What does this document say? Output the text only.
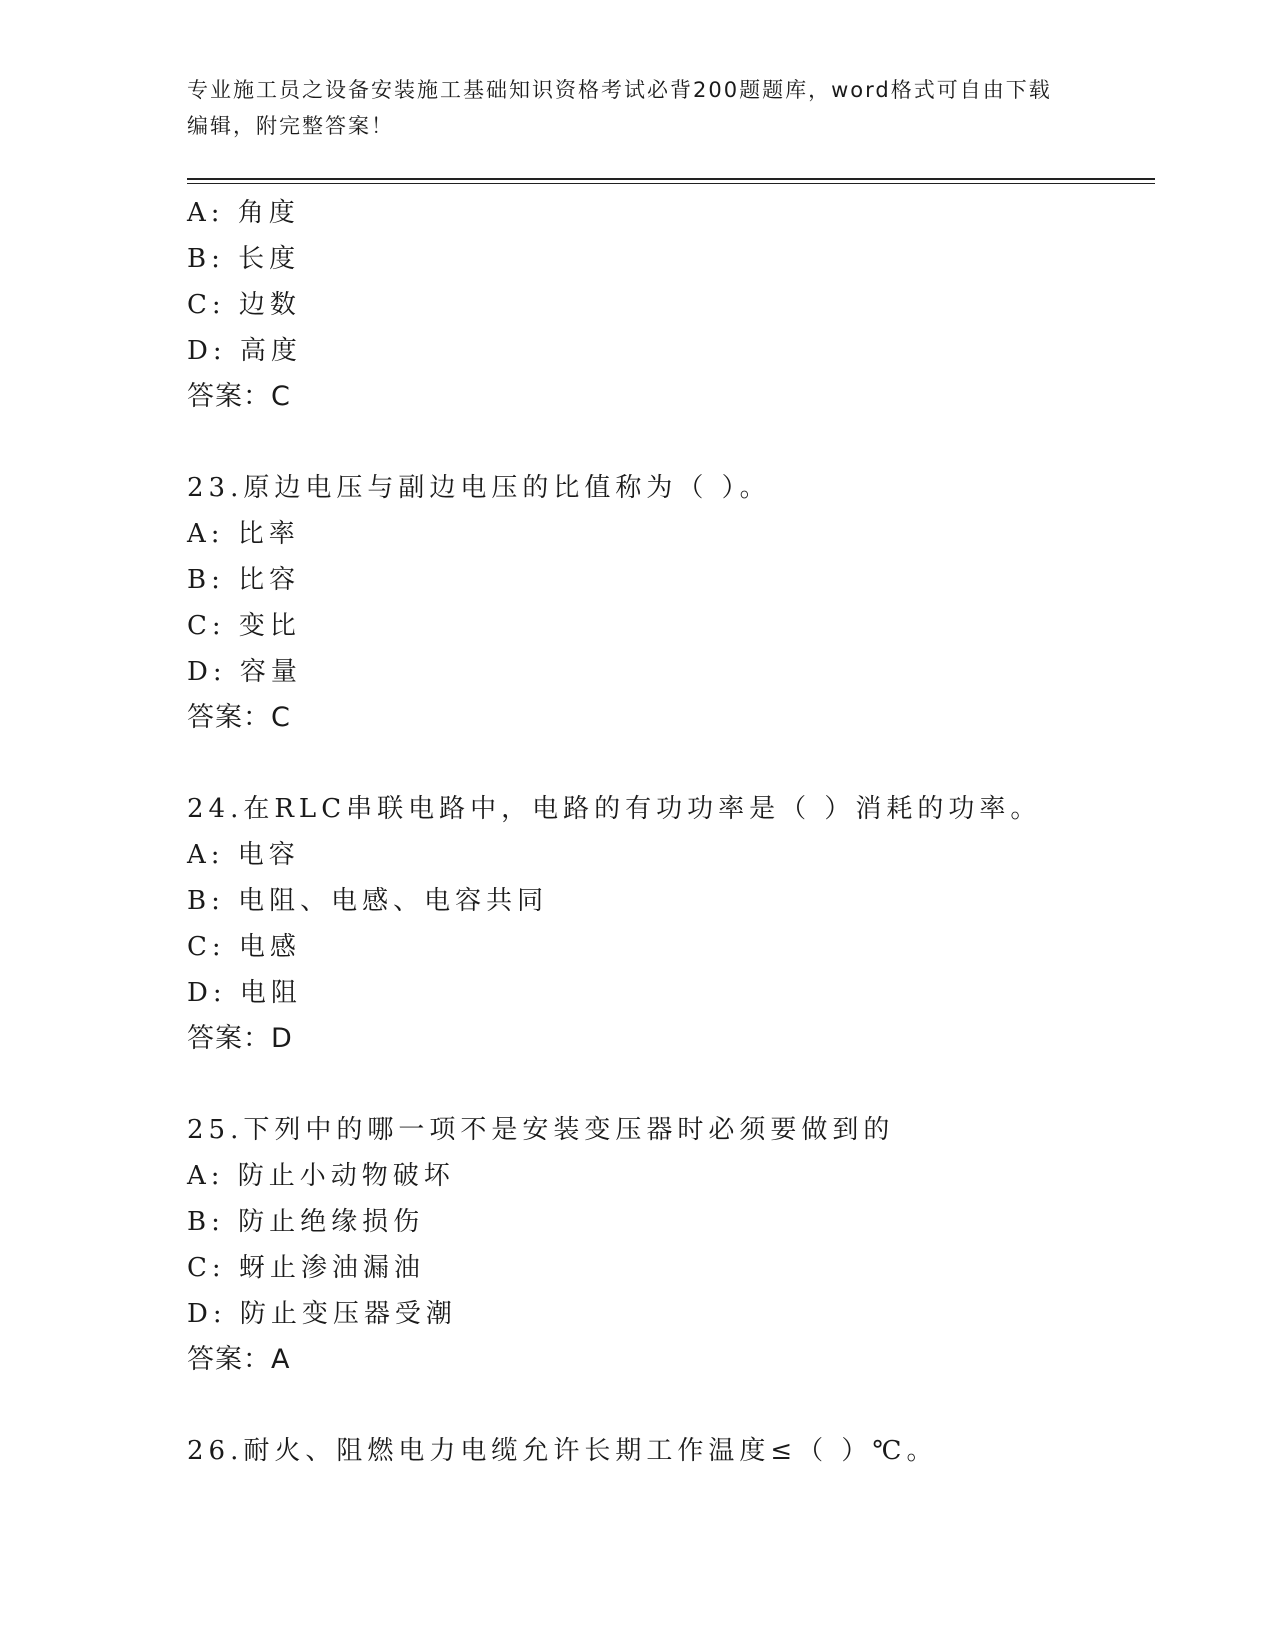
专业施工员之设备安装施工基础知识资格考试必背200题题库，word格式可自由下载编辑，附完整答案！
A: 角度
B: 长度
C: 边数
D: 高度
答案：C
23.原边电压与副边电压的比值称为（ ）。
A: 比率
B: 比容
C: 变比
D: 容量
答案：C
24.在RLC串联电路中，电路的有功功率是（ ）消耗的功率。
A: 电容
B: 电阻、电感、电容共同
C: 电感
D: 电阻
答案：D
25.下列中的哪一项不是安装变压器时必须要做到的
A: 防止小动物破坏
B: 防止绝缘损伤
C: 蚜止渗油漏油
D: 防止变压器受潮
答案：A
26.耐火、阻燃电力电缆允许长期工作温度≤（ ）℃。
